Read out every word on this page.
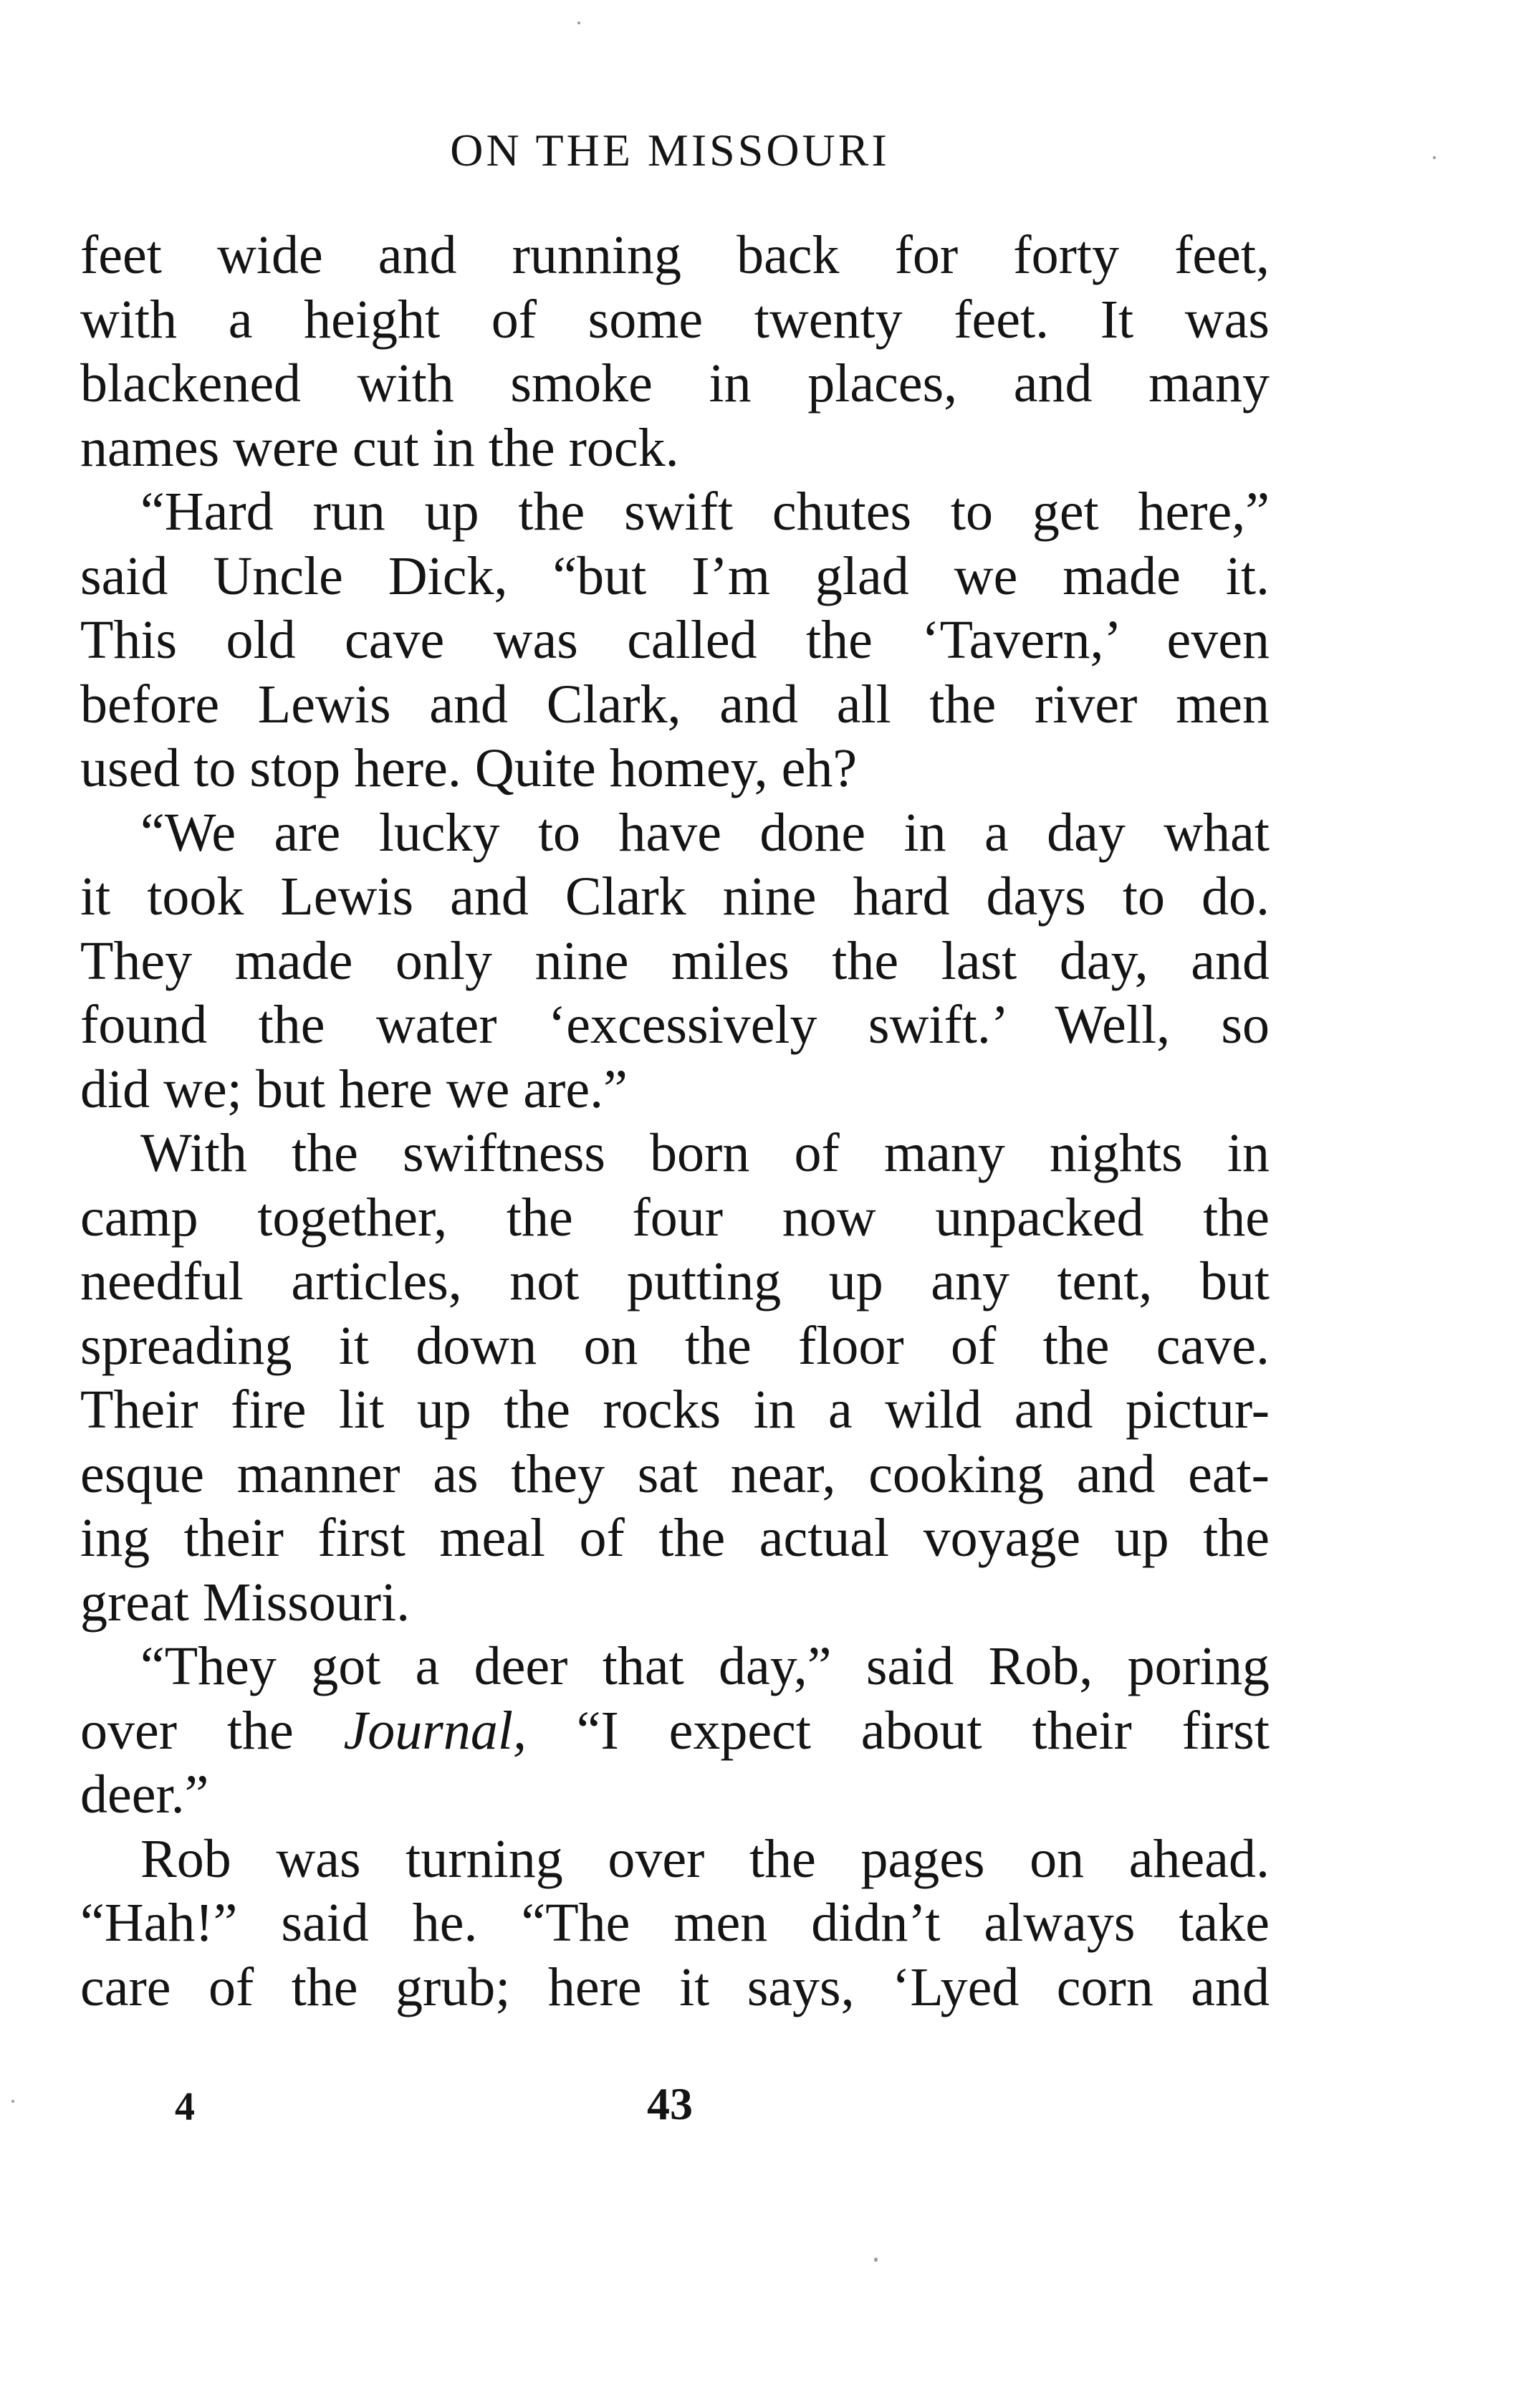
ON THE MISSOURI
feet wide and running back for forty feet,
with a height of some twenty feet. It was
blackened with smoke in places, and many
names were cut in the rock.
“Hard run up the swift chutes to get here,”
said Uncle Dick, “but I’m glad we made it.
This old cave was called the ‘Tavern,’ even
before Lewis and Clark, and all the river men
used to stop here. Quite homey, eh?
“We are lucky to have done in a day what
it took Lewis and Clark nine hard days to do.
They made only nine miles the last day, and
found the water ‘excessively swift.’ Well, so
did we; but here we are.”
With the swiftness born of many nights in
camp together, the four now unpacked the
needful articles, not putting up any tent, but
spreading it down on the floor of the cave.
Their fire lit up the rocks in a wild and pictur-
esque manner as they sat near, cooking and eat-
ing their first meal of the actual voyage up the
great Missouri.
“They got a deer that day,” said Rob, poring
over the Journal, “I expect about their first
deer.”
Rob was turning over the pages on ahead.
“Hah!” said he. “The men didn’t always take
care of the grub; here it says, ‘Lyed corn and
4	43
